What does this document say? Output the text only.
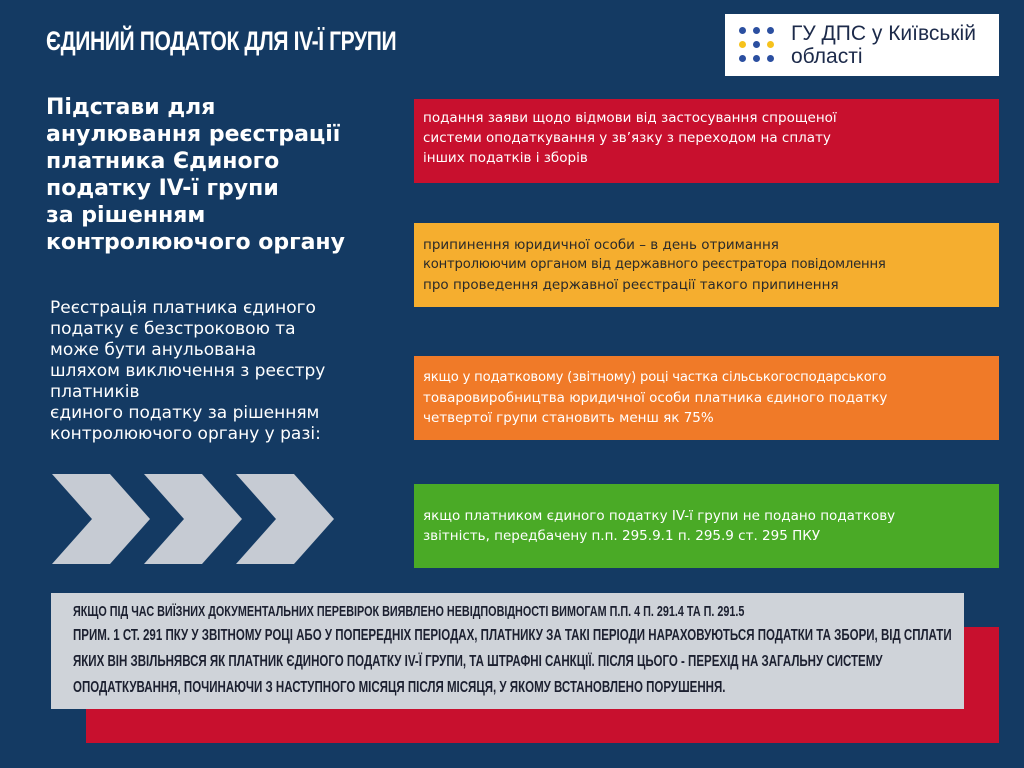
ЄДИНИЙ ПОДАТОК ДЛЯ IV-Ї ГРУПИ	ГУ ДПС у Київській
області
Підстави для
анулювання реєстрації
платника Єдиного
податку IV-ї групи
за рішенням
контролюючого органу
Реєстрація платника єдиного
податку є безстроковою та
може бути анульована
шляхом виключення з реєстру
платників
єдиного податку за рішенням
контролюючого органу у разі:
подання заяви щодо відмови від застосування спрощеної
системи оподаткування у зв’язку з переходом на сплату
інших податків і зборів
припинення юридичної особи – в день отримання
контролюючим органом від державного реєстратора повідомлення
про проведення державної реєстрації такого припинення
якщо у податковому (звітному) році частка сільськогосподарського
товаровиробництва юридичної особи платника єдиного податку
четвертої групи становить менш як 75%
якщо платником єдиного податку IV-ї групи не подано податкову
звітність, передбачену п.п. 295.9.1 п. 295.9 ст. 295 ПКУ
ЯКЩО ПІД ЧАС ВИЇЗНИХ ДОКУМЕНТАЛЬНИХ ПЕРЕВІРОК ВИЯВЛЕНО НЕВІДПОВІДНОСТІ ВИМОГАМ П.П. 4 П. 291.4 ТА П. 291.5
ПРИМ. 1 СТ. 291 ПКУ У ЗВІТНОМУ РОЦІ АБО У ПОПЕРЕДНІХ ПЕРІОДАХ, ПЛАТНИКУ ЗА ТАКІ ПЕРІОДИ НАРАХОВУЮТЬСЯ ПОДАТКИ ТА ЗБОРИ, ВІД СПЛАТИ
ЯКИХ ВІН ЗВІЛЬНЯВСЯ ЯК ПЛАТНИК ЄДИНОГО ПОДАТКУ IV-Ї ГРУПИ, ТА ШТРАФНІ САНКЦІЇ. ПІСЛЯ ЦЬОГО - ПЕРЕХІД НА ЗАГАЛЬНУ СИСТЕМУ
ОПОДАТКУВАННЯ, ПОЧИНАЮЧИ З НАСТУПНОГО МІСЯЦЯ ПІСЛЯ МІСЯЦЯ, У ЯКОМУ ВСТАНОВЛЕНО ПОРУШЕННЯ.
